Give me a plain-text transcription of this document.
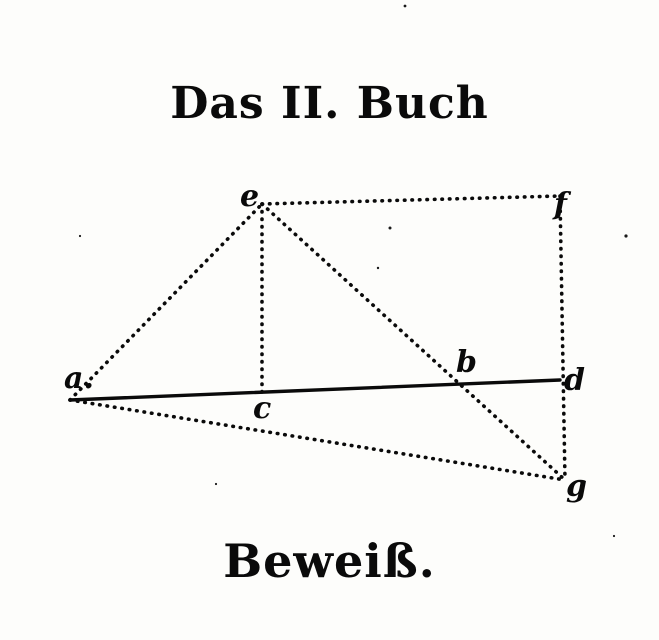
Das II. Buch
a.
e	f
b
d
c
g
Beweiß.
